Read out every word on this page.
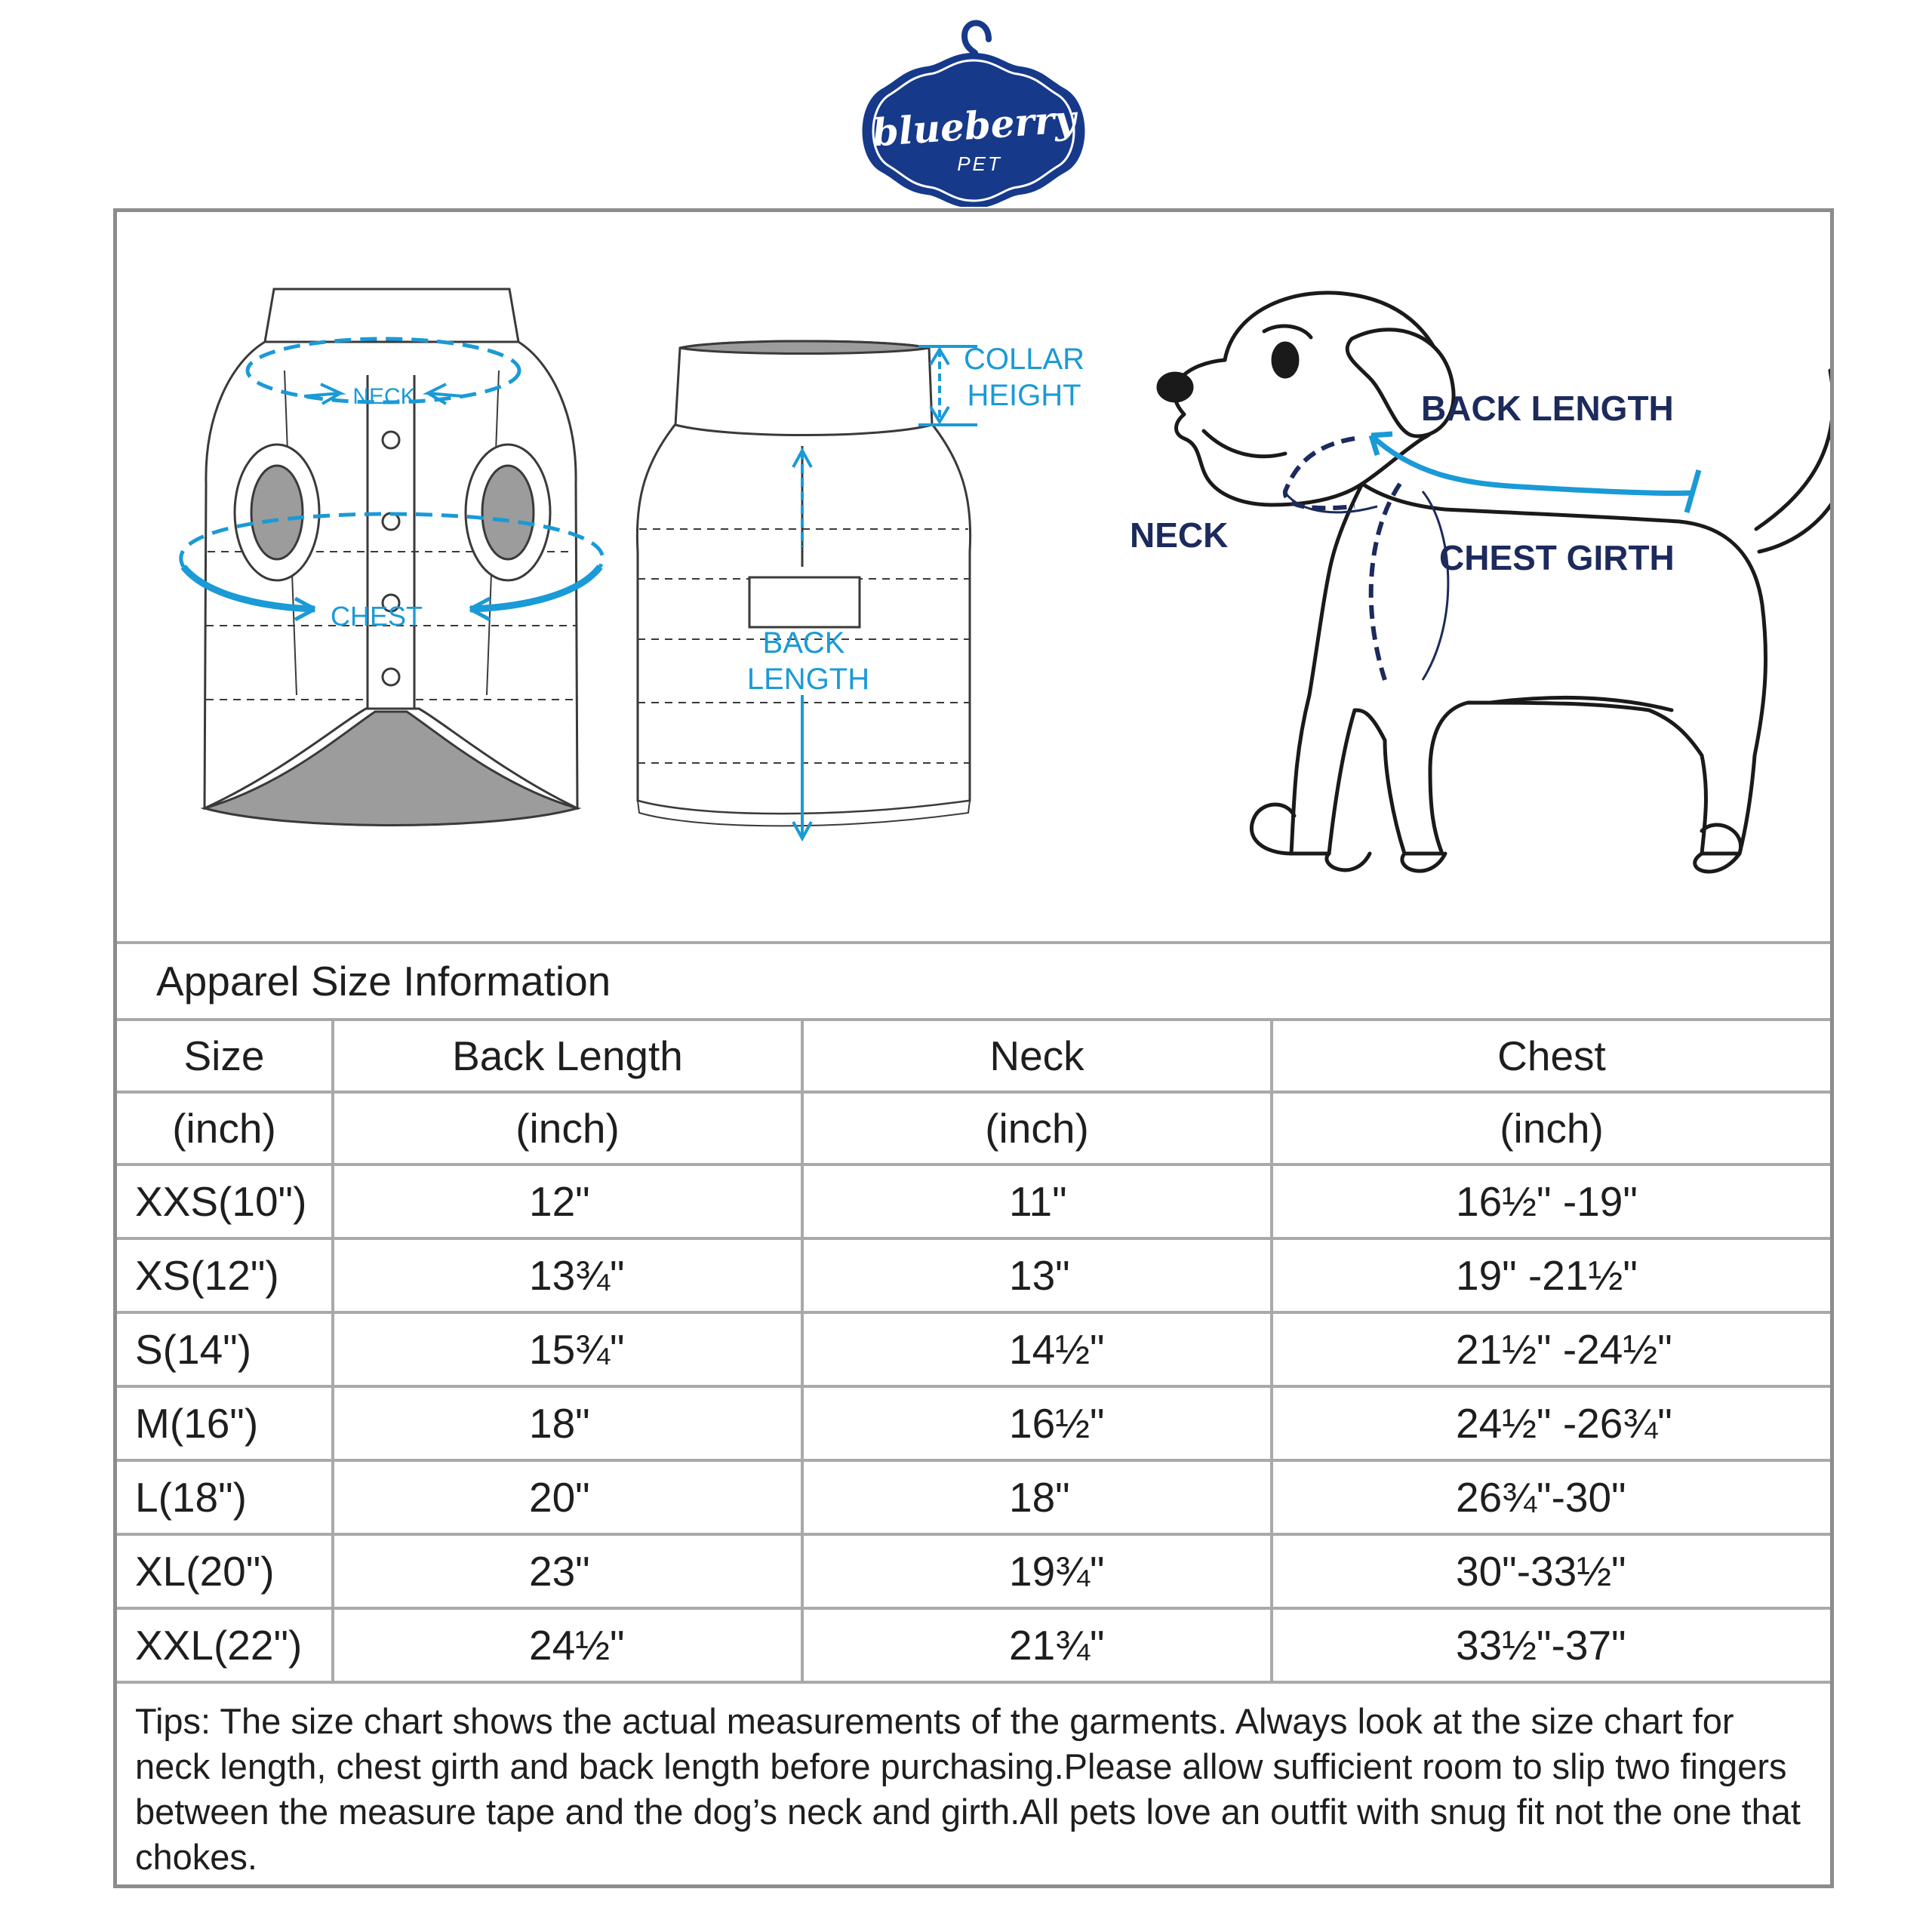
blueberry
PET
NECK
CHEST
COLLAR
HEIGHT
BACK
LENGTH
BACK LENGTH
NECK
CHEST GIRTH
Apparel Size Information			
Size	Back Length	Neck	Chest
(inch)	(inch)	(inch)	(inch)
XXS(10")	12"	11"	16½" -19"
XS(12")	13¾"	13"	19" -21½"
S(14")	15¾"	14½"	21½" -24½"
M(16")	18"	16½"	24½" -26¾"
L(18")	20"	18"	26¾"-30"
XL(20")	23"	19¾"	30"-33½"
XXL(22")	24½"	21¾"	33½"-37"

Tips: The size chart shows the actual measurements of the garments. Always look at the size chart for neck length, chest girth and back length before purchasing.Please allow sufficient room to slip two fingers between the measure tape and the dog’s neck and girth.All pets love an outfit with snug fit not the one that chokes.
